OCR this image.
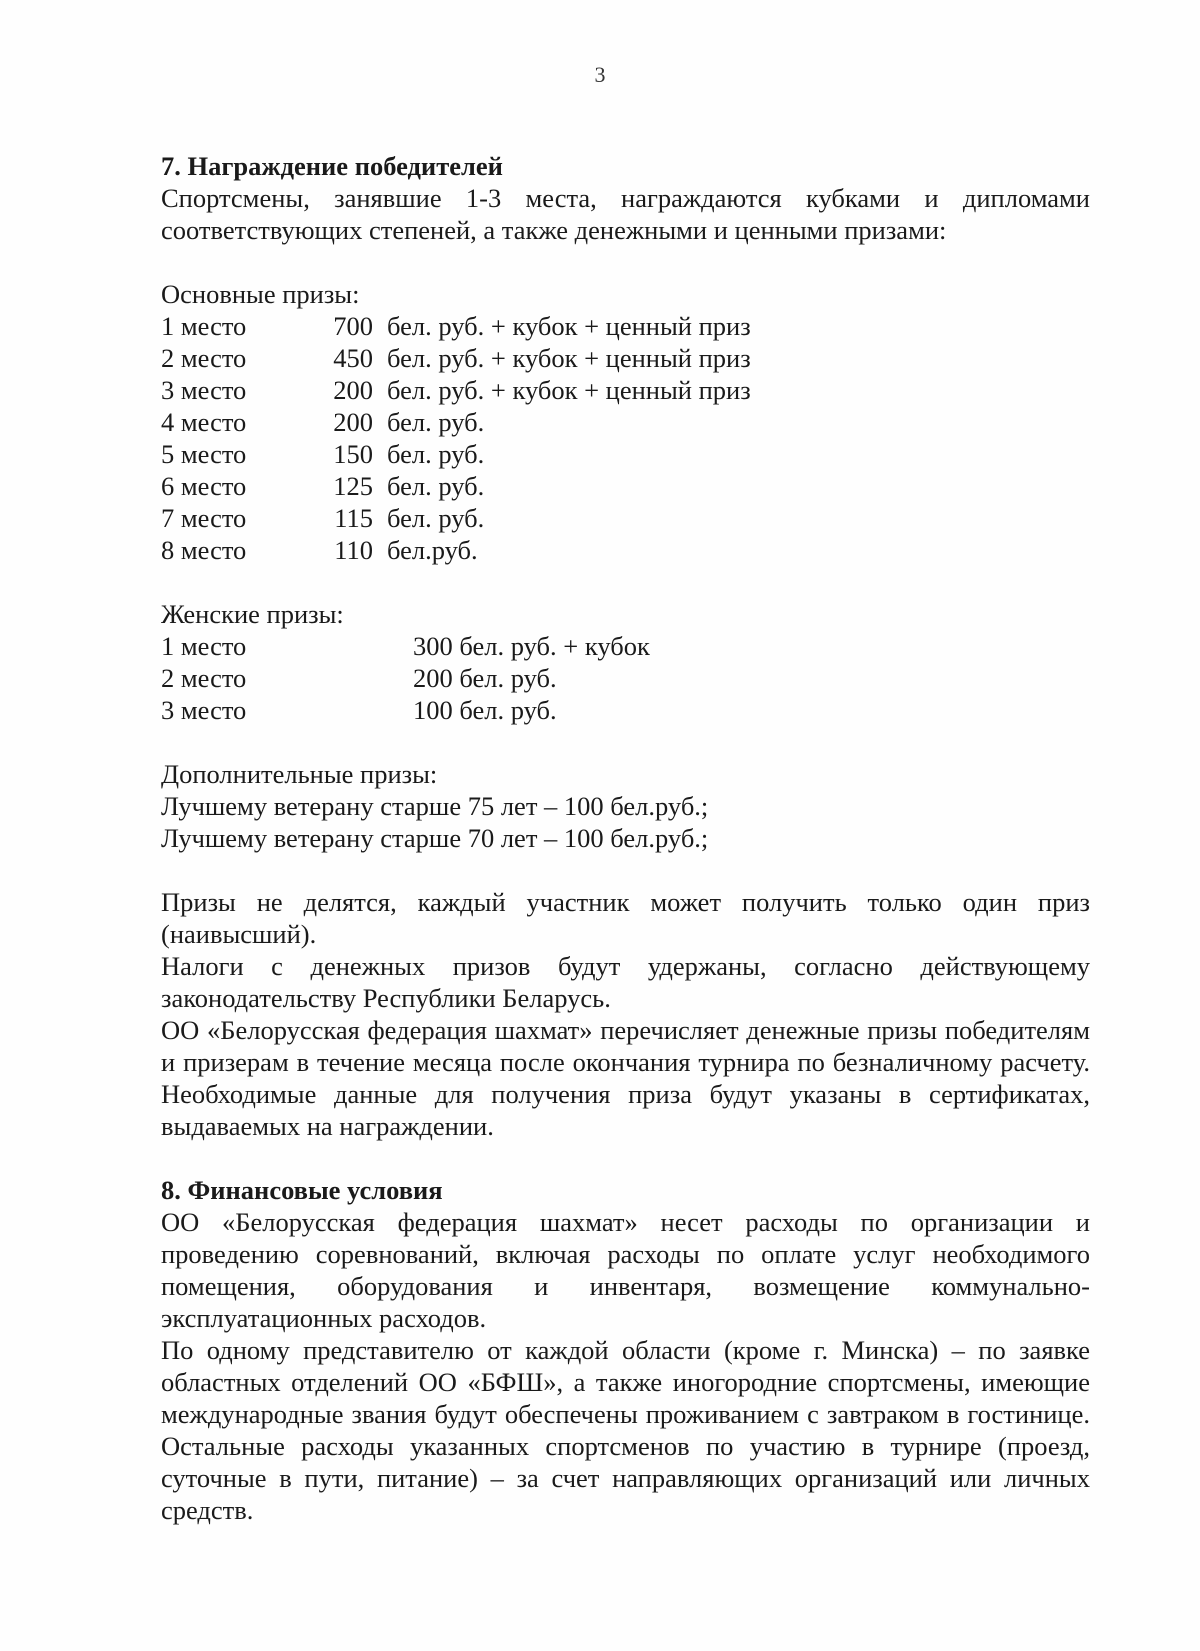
3

7. Награждение победителей

Спортсмены, занявшие 1-3 места, награждаются кубками и дипломами соответствующих степеней, а также денежными и ценными призами:

Основные призы:

1 место	700 бел. руб. + кубок + ценный приз
2 место	450 бел. руб. + кубок + ценный приз
3 место	200 бел. руб. + кубок + ценный приз
4 место	200 бел. руб.
5 место	150 бел. руб.
6 место	125 бел. руб.
7 место	115 бел. руб.
8 место	110 бел.руб.

Женские призы:

1 место	300 бел. руб. + кубок
2 место	200 бел. руб.
3 место	100 бел. руб.

Дополнительные призы:

Лучшему ветерану старше 75 лет – 100 бел.руб.;

Лучшему ветерану старше 70 лет – 100 бел.руб.;

Призы не делятся, каждый участник может получить только один приз (наивысший).

Налоги с денежных призов будут удержаны, согласно действующему законодательству Республики Беларусь.

ОО «Белорусская федерация шахмат» перечисляет денежные призы победителям и призерам в течение месяца после окончания турнира по безналичному расчету. Необходимые данные для получения приза будут указаны в сертификатах, выдаваемых на награждении.

8. Финансовые условия

ОО «Белорусская федерация шахмат» несет расходы по организации и проведению соревнований, включая расходы по оплате услуг необходимого помещения, оборудования и инвентаря, возмещение коммунально-эксплуатационных расходов.

По одному представителю от каждой области (кроме г. Минска) – по заявке областных отделений ОО «БФШ», а также иногородние спортсмены, имеющие международные звания будут обеспечены проживанием с завтраком в гостинице. Остальные расходы указанных спортсменов по участию в турнире (проезд, суточные в пути, питание) – за счет направляющих организаций или личных средств.
